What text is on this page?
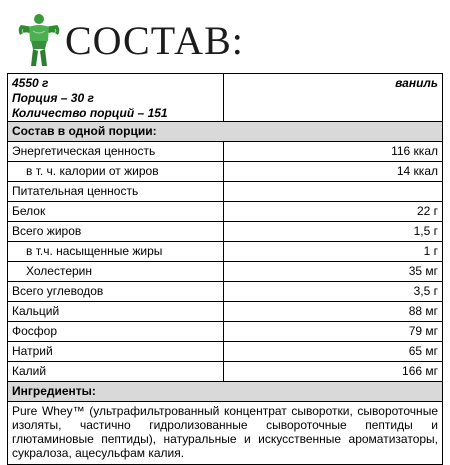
СОСТАВ:
4550 г
Порция – 30 г
Количество порций – 151	ваниль
Состав в одной порции:	
Энергетическая ценность	116 ккал
в т. ч. калории от жиров	14 ккал
Питательная ценность	
Белок	22 г
Всего жиров	1,5 г
в т.ч. насыщенные жиры	1 г
Холестерин	35 мг
Всего углеводов	3,5 г
Кальций	88 мг
Фосфор	79 мг
Натрий	65 мг
Калий	166 мг
Ингредиенты:	
Pure Whey™ (ультрафильтрованный концентрат сыворотки, сывороточные изоляты, частично гидролизованные сывороточные пептиды и глютаминовые пептиды), натуральные и искусственные ароматизаторы, сукралоза, ацесульфам калия.	
